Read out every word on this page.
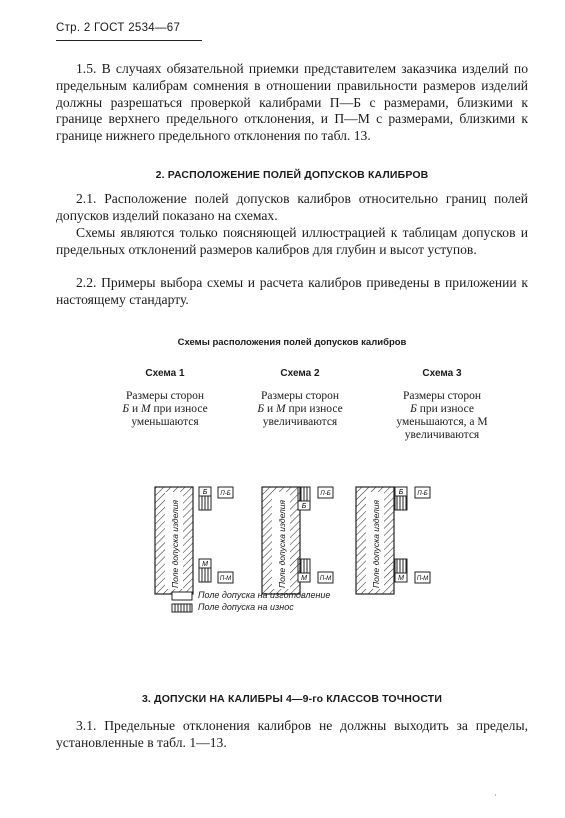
Стр. 2 ГОСТ 2534—67
1.5. В случаях обязательной приемки представителем заказчика изделий по предельным калибрам сомнения в отношении правильности размеров изделий должны разрешаться проверкой калибрами П—Б с размерами, близкими к границе верхнего предельного отклонения, и П—М с размерами, близкими к границе нижнего предельного отклонения по табл. 13.
2. РАСПОЛОЖЕНИЕ ПОЛЕЙ ДОПУСКОВ КАЛИБРОВ
2.1. Расположение полей допусков калибров относительно границ полей допусков изделий показано на схемах.
Схемы являются только поясняющей иллюстрацией к таблицам допусков и предельных отклонений размеров калибров для глубин и высот уступов.
2.2. Примеры выбора схемы и расчета калибров приведены в приложении к настоящему стандарту.
Схемы расположения полей допусков калибров
Схема 1
Размеры сторон
Б и М при износе
уменьшаются
Схема 2
Размеры сторон
Б и М при износе
увеличиваются
Схема 3
Размеры сторон
Б при износе
уменьшаются, а М
увеличиваются
Поле допуска изделия
Б П-Б
М
П-М	Поле допуска изделия Б
П-Б
М П-М	Поле допуска изделия
Б П-Б
М П-М
Поле допуска на изготовление
Поле допуска на износ
3. ДОПУСКИ НА КАЛИБРЫ 4—9-го КЛАССОВ ТОЧНОСТИ
3.1. Предельные отклонения калибров не должны выходить за пределы, установленные в табл. 1—13.
·
